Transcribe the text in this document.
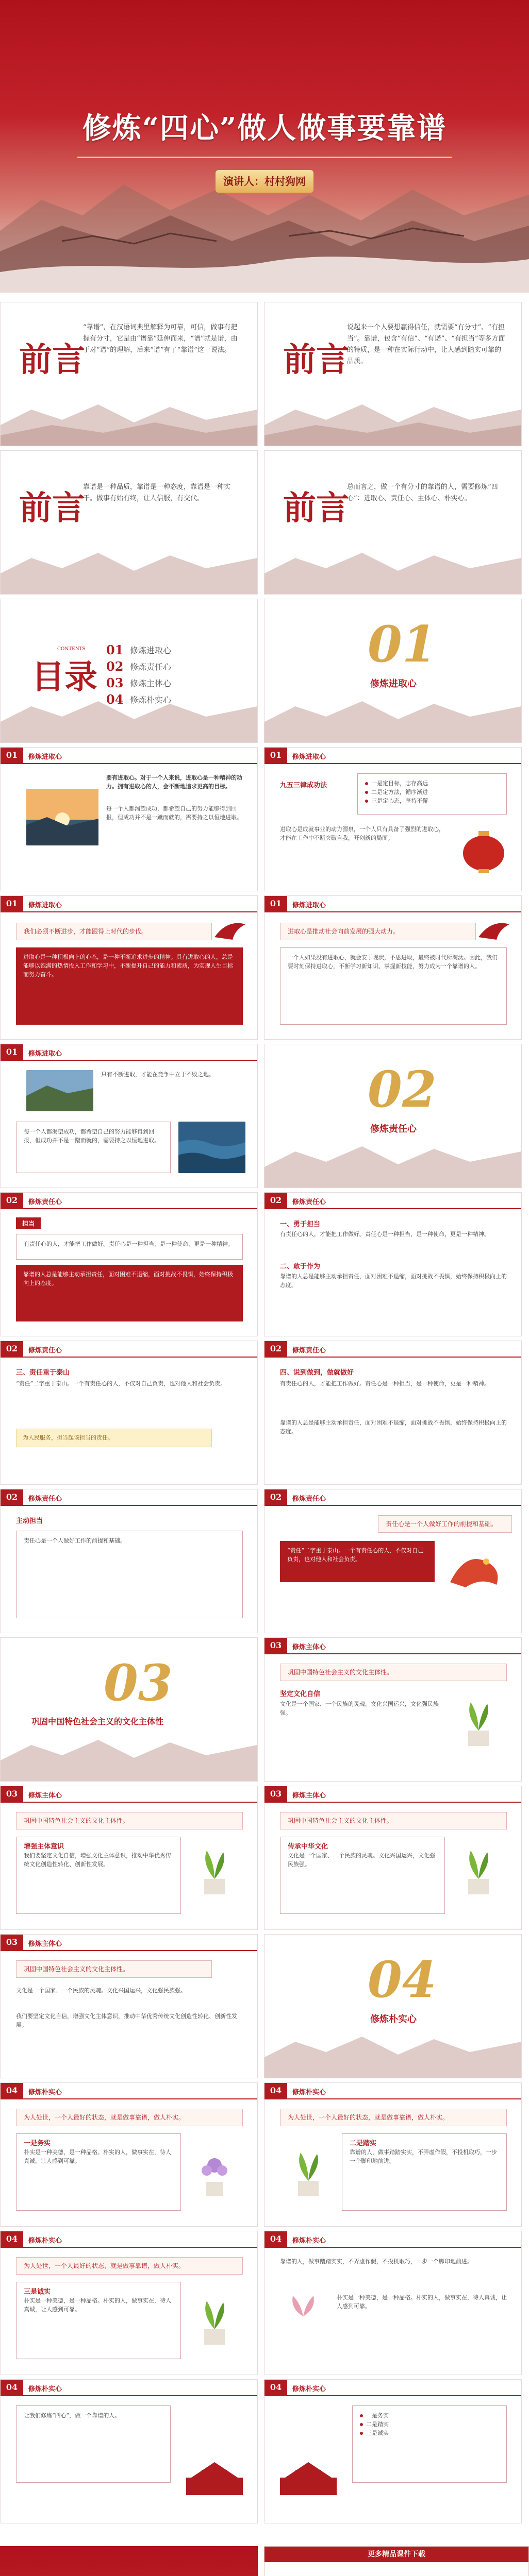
修炼“四心”做人做事要靠谱
演讲人：村村狗网
前言
“靠谱”，在汉语词典里解释为可靠，可信，做事有把握有分寸，它是由“谱靠”延伸而来，“谱”就是谱，由于对“谱”的理解，后来“谱”有了“靠谱”这一说法。	前言
说起来一个人要想赢得信任，就需要“有分寸”、“有担当”。靠谱，包含“有信”、“有诺”、“有担当”等多方面的特质，是一种在实际行动中，让人感到踏实可靠的品质。
前言
靠谱是一种品质，靠谱是一种态度，靠谱是一种实干。做事有始有终，让人信服，有交代。	前言
总而言之，做一个有分寸的靠谱的人，需要修炼“四心”：进取心、责任心、主体心、朴实心。
目录
CONTENTS 01 修炼进取心
02 修炼责任心
03 修炼主体心
04 修炼朴实心
01
修炼进取心
01	修炼进取心
要有进取心。对于一个人来说，进取心是一种精神的动力。拥有进取心的人，会不断地追求更高的目标。
每一个人都渴望成功，都希望自己的努力能够得到回报，但成功并不是一蹴而就的，需要持之以恒地进取。
01	修炼进取心
九五三律成功法	一是定目标，志存高远
二是定方法，循序渐进
三是定心态，坚持不懈
进取心是成就事业的动力源泉，一个人只有具备了强烈的进取心，才能在工作中不断突破自我，开创新的局面。
01	修炼进取心
我们必须不断进步，才能跟得上时代的步伐。
进取心是一种积极向上的心态，是一种不断追求进步的精神。具有进取心的人，总是能够以饱满的热情投入工作和学习中，不断提升自己的能力和素质，为实现人生目标而努力奋斗。
01	修炼进取心
进取心是推动社会向前发展的强大动力。
一个人如果没有进取心，就会安于现状，不思进取，最终被时代所淘汰。因此，我们要时刻保持进取心，不断学习新知识、掌握新技能，努力成为一个靠谱的人。
01	修炼进取心
只有不断进取，才能在竞争中立于不败之地。
每一个人都渴望成功，都希望自己的努力能够得到回报，但成功并不是一蹴而就的，需要持之以恒地进取。
02
修炼责任心
02	修炼责任心
担当
有责任心的人，才能把工作做好。责任心是一种担当，是一种使命，更是一种精神。
靠谱的人总是能够主动承担责任，面对困难不退缩，面对挑战不畏惧，始终保持积极向上的态度。
02	修炼责任心
一、勇于担当
有责任心的人，才能把工作做好。责任心是一种担当，是一种使命，更是一种精神。
二、敢于作为
靠谱的人总是能够主动承担责任，面对困难不退缩，面对挑战不畏惧，始终保持积极向上的态度。
02	修炼责任心
三、责任重于泰山
“责任”二字重于泰山。一个有责任心的人，不仅对自己负责，也对他人和社会负责。
为人民服务，担当起该担当的责任。
02	修炼责任心
四、说到做到，做就做好
有责任心的人，才能把工作做好。责任心是一种担当，是一种使命，更是一种精神。
靠谱的人总是能够主动承担责任，面对困难不退缩，面对挑战不畏惧，始终保持积极向上的态度。
02	修炼责任心
主动担当
责任心是一个人做好工作的前提和基础。
02	修炼责任心
责任心是一个人做好工作的前提和基础。
“责任”二字重于泰山。一个有责任心的人，不仅对自己负责，也对他人和社会负责。
03
巩固中国特色社会主义的文化主体性
03	修炼主体心
巩固中国特色社会主义的文化主体性。
坚定文化自信
文化是一个国家、一个民族的灵魂。文化兴国运兴，文化强民族强。
03	修炼主体心
巩固中国特色社会主义的文化主体性。
增强主体意识
我们要坚定文化自信，增强文化主体意识，推动中华优秀传统文化创造性转化、创新性发展。
03	修炼主体心
巩固中国特色社会主义的文化主体性。
传承中华文化
文化是一个国家、一个民族的灵魂。文化兴国运兴，文化强民族强。
03	修炼主体心
巩固中国特色社会主义的文化主体性。
文化是一个国家、一个民族的灵魂。文化兴国运兴，文化强民族强。
我们要坚定文化自信，增强文化主体意识，推动中华优秀传统文化创造性转化、创新性发展。
04
修炼朴实心
04	修炼朴实心
为人处世，一个人最好的状态，就是做事靠谱，做人朴实。
一是务实
朴实是一种美德，是一种品格。朴实的人，做事实在，待人真诚，让人感到可靠。
04	修炼朴实心
为人处世，一个人最好的状态，就是做事靠谱，做人朴实。
二是踏实
靠谱的人，做事踏踏实实，不弄虚作假，不投机取巧，一步一个脚印地前进。
04	修炼朴实心
为人处世，一个人最好的状态，就是做事靠谱，做人朴实。
三是诚实
朴实是一种美德，是一种品格。朴实的人，做事实在，待人真诚，让人感到可靠。
04	修炼朴实心
靠谱的人，做事踏踏实实，不弄虚作假，不投机取巧，一步一个脚印地前进。
朴实是一种美德，是一种品格。朴实的人，做事实在，待人真诚，让人感到可靠。
04	修炼朴实心
让我们修炼“四心”，做一个靠谱的人。
04	修炼朴实心
一是务实
二是踏实
三是诚实
更多精品课件下载
